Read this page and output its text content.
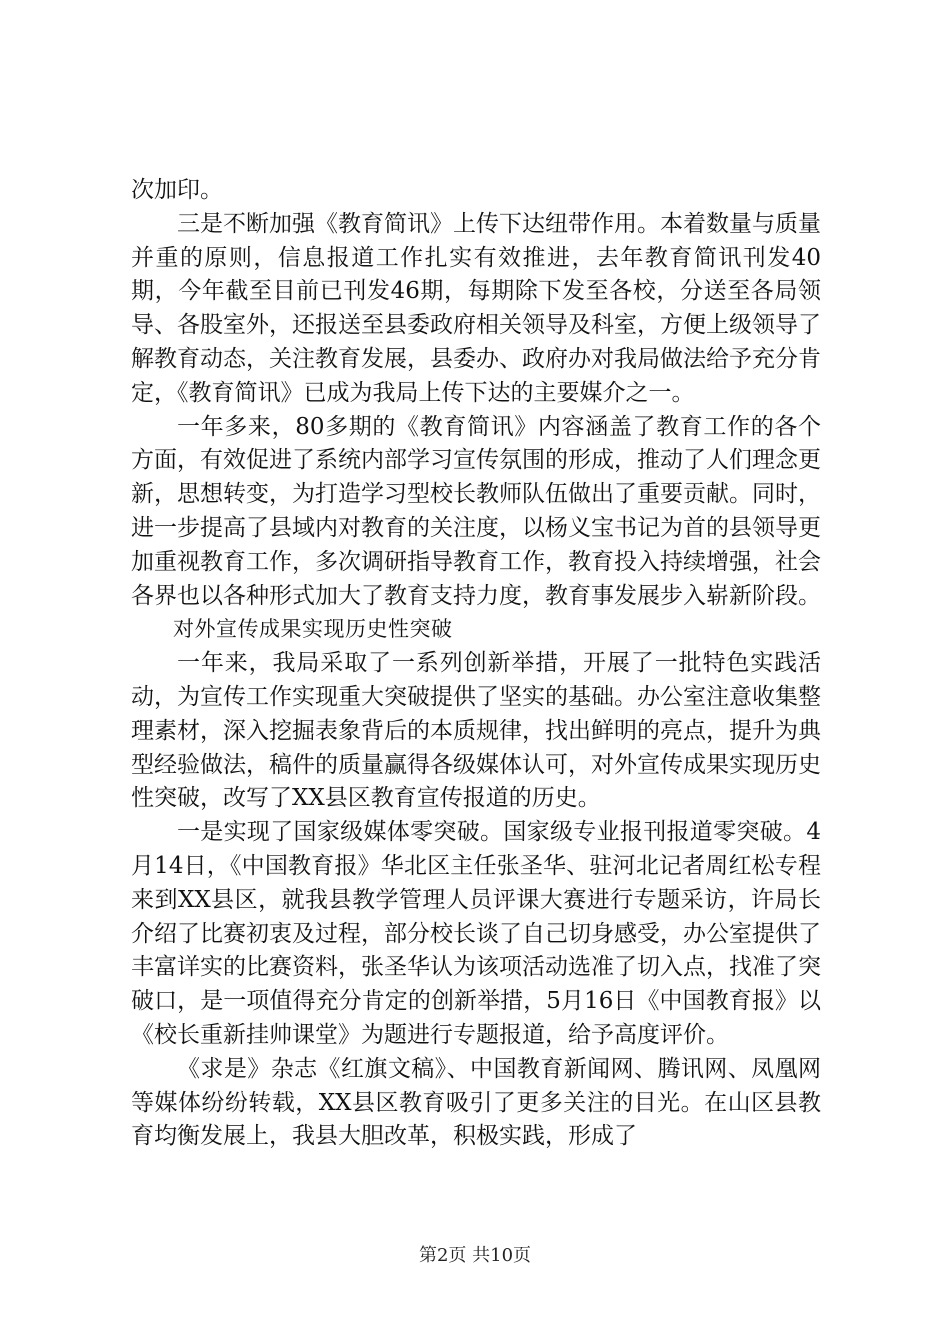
次加印。

三是不断加强《教育简讯》上传下达纽带作用。本着数量与质量并重的原则，信息报道工作扎实有效推进，去年教育简讯刊发40期，今年截至目前已刊发46期，每期除下发至各校，分送至各局领导、各股室外，还报送至县委政府相关领导及科室，方便上级领导了解教育动态，关注教育发展，县委办、政府办对我局做法给予充分肯定，《教育简讯》已成为我局上传下达的主要媒介之一。

一年多来，80多期的《教育简讯》内容涵盖了教育工作的各个方面，有效促进了系统内部学习宣传氛围的形成，推动了人们理念更新，思想转变，为打造学习型校长教师队伍做出了重要贡献。同时，进一步提高了县域内对教育的关注度，以杨义宝书记为首的县领导更加重视教育工作，多次调研指导教育工作，教育投入持续增强，社会各界也以各种形式加大了教育支持力度，教育事发展步入崭新阶段。

对外宣传成果实现历史性突破

一年来，我局采取了一系列创新举措，开展了一批特色实践活动，为宣传工作实现重大突破提供了坚实的基础。办公室注意收集整理素材，深入挖掘表象背后的本质规律，找出鲜明的亮点，提升为典型经验做法，稿件的质量赢得各级媒体认可，对外宣传成果实现历史性突破，改写了XX县区教育宣传报道的历史。

一是实现了国家级媒体零突破。国家级专业报刊报道零突破。4月14日，《中国教育报》华北区主任张圣华、驻河北记者周红松专程来到XX县区，就我县教学管理人员评课大赛进行专题采访，许局长介绍了比赛初衷及过程，部分校长谈了自己切身感受，办公室提供了丰富详实的比赛资料，张圣华认为该项活动选准了切入点，找准了突破口，是一项值得充分肯定的创新举措，5月16日《中国教育报》以《校长重新挂帅课堂》为题进行专题报道，给予高度评价。

《求是》杂志《红旗文稿》、中国教育新闻网、腾讯网、凤凰网等媒体纷纷转载，XX县区教育吸引了更多关注的目光。在山区县教育均衡发展上，我县大胆改革，积极实践，形成了

第2页 共10页
